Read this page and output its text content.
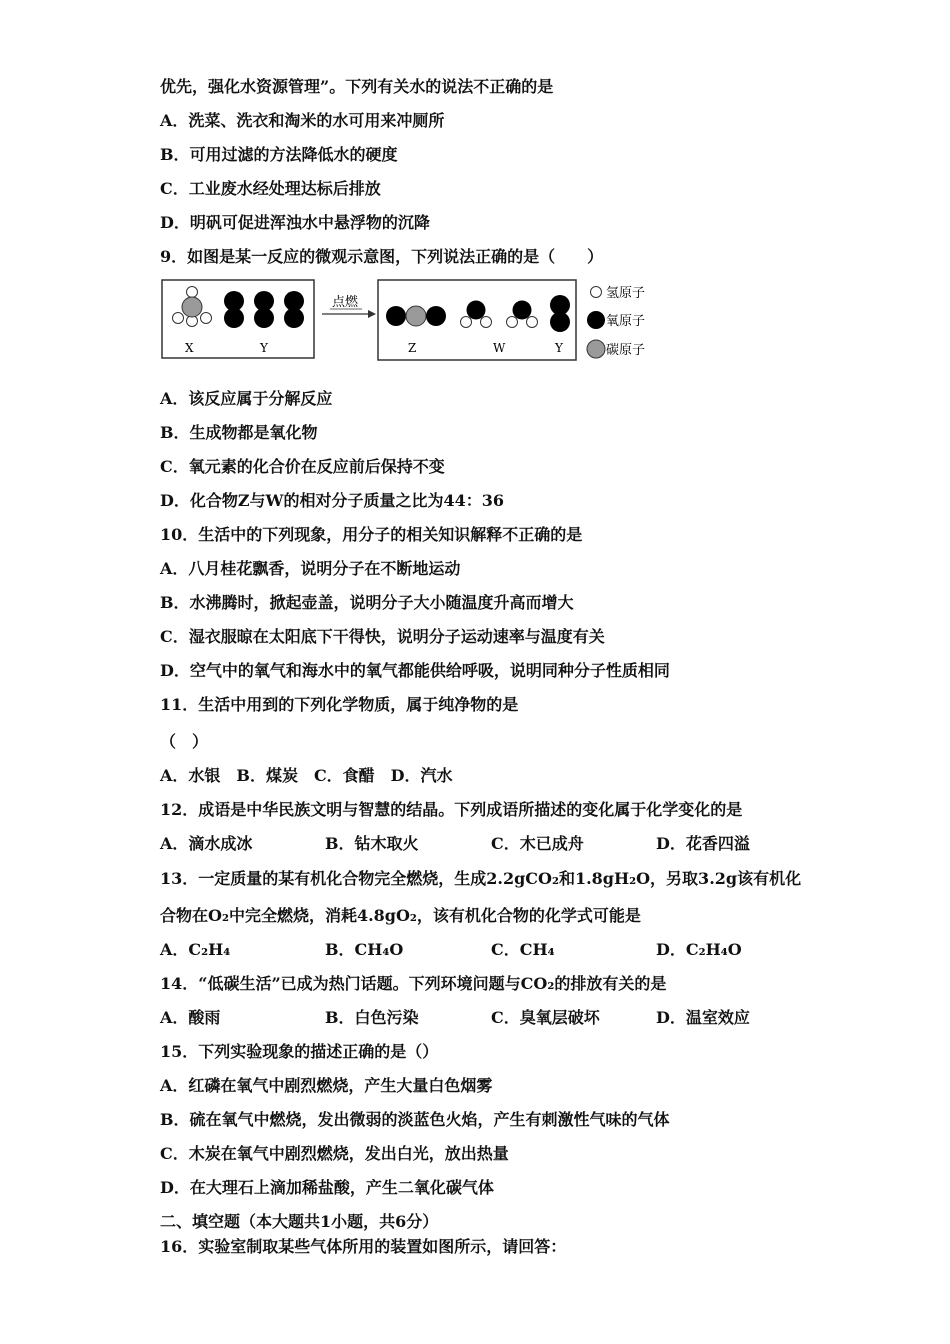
优先，强化水资源管理”。下列有关水的说法不正确的是
A．洗菜、洗衣和淘米的水可用来冲厕所
B．可用过滤的方法降低水的硬度
C．工业废水经处理达标后排放
D．明矾可促进浑浊水中悬浮物的沉降
9．如图是某一反应的微观示意图，下列说法正确的是（　　）
点燃
X	Y	Z	W	Y
氢原子
氧原子
碳原子
A．该反应属于分解反应
B．生成物都是氧化物
C．氧元素的化合价在反应前后保持不变
D．化合物Z与W的相对分子质量之比为44：36
10．生活中的下列现象，用分子的相关知识解释不正确的是
A．八月桂花飘香，说明分子在不断地运动
B．水沸腾时，掀起壶盖，说明分子大小随温度升高而增大
C．湿衣服晾在太阳底下干得快，说明分子运动速率与温度有关
D．空气中的氧气和海水中的氧气都能供给呼吸，说明同种分子性质相同
11．生活中用到的下列化学物质，属于纯净物的是
（　）
A．水银　B．煤炭　C．食醋　D．汽水
12．成语是中华民族文明与智慧的结晶。下列成语所描述的变化属于化学变化的是
A．滴水成冰	B．钻木取火	C．木已成舟	D．花香四溢
13．一定质量的某有机化合物完全燃烧，生成2.2gCO₂和1.8gH₂O，另取3.2g该有机化
合物在O₂中完全燃烧，消耗4.8gO₂，该有机化合物的化学式可能是
A．C₂H₄	B．CH₄O	C．CH₄	D．C₂H₄O
14．“低碳生活”已成为热门话题。下列环境问题与CO₂的排放有关的是
A．酸雨	B．白色污染	C．臭氧层破坏	D．温室效应
15．下列实验现象的描述正确的是（）
A．红磷在氧气中剧烈燃烧，产生大量白色烟雾
B．硫在氧气中燃烧，发出微弱的淡蓝色火焰，产生有刺激性气味的气体
C．木炭在氧气中剧烈燃烧，发出白光，放出热量
D．在大理石上滴加稀盐酸，产生二氧化碳气体
二、填空题（本大题共1小题，共6分）
16．实验室制取某些气体所用的装置如图所示，请回答：
